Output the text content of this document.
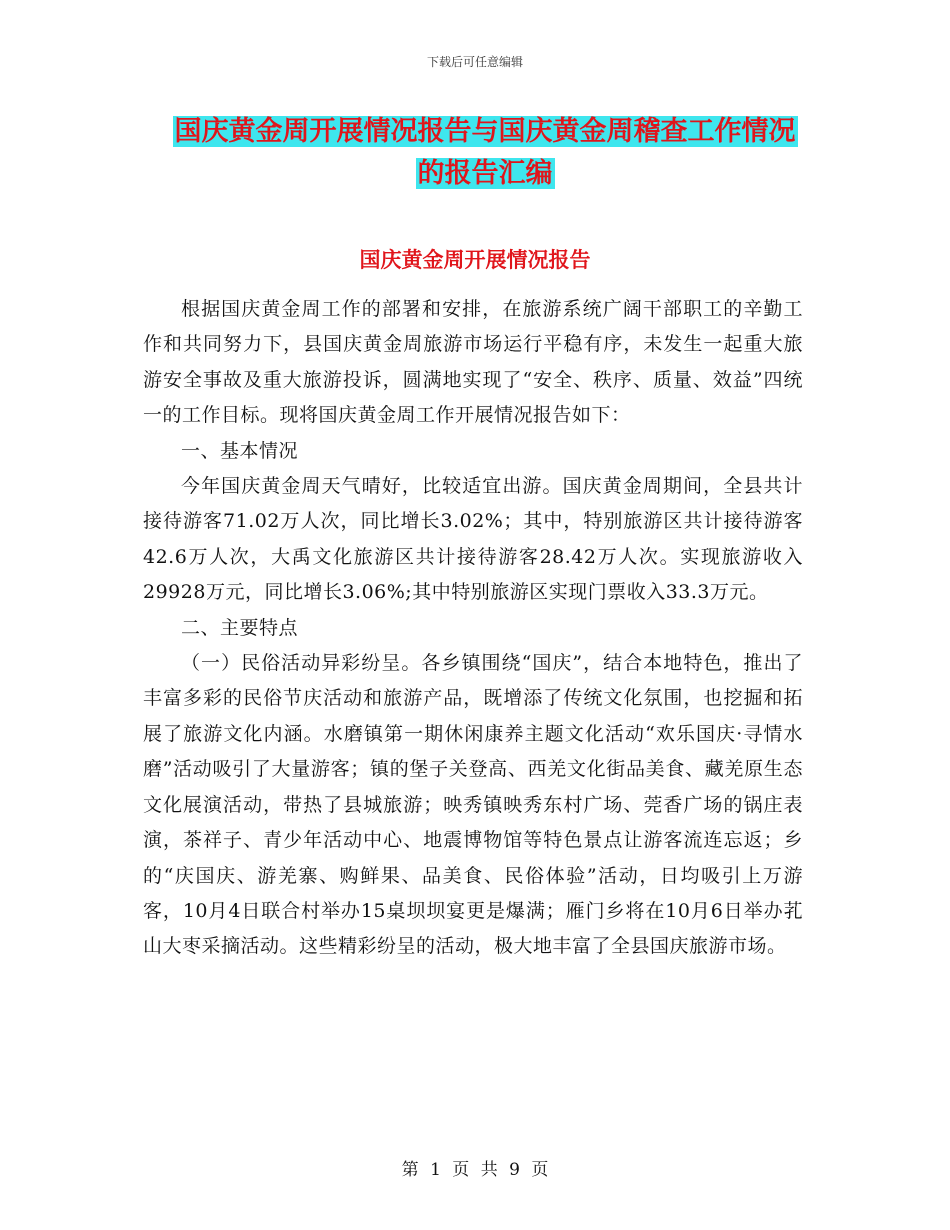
下载后可任意编辑
国庆黄金周开展情况报告与国庆黄金周稽查工作情况
的报告汇编
国庆黄金周开展情况报告

根据国庆黄金周工作的部署和安排，在旅游系统广阔干部职工的辛勤工作和共同努力下，县国庆黄金周旅游市场运行平稳有序，未发生一起重大旅游安全事故及重大旅游投诉，圆满地实现了“安全、秩序、质量、效益”四统一的工作目标。现将国庆黄金周工作开展情况报告如下：

一、基本情况

今年国庆黄金周天气晴好，比较适宜出游。国庆黄金周期间，全县共计接待游客71.02万人次，同比增长3.02%；其中，特别旅游区共计接待游客42.6万人次，大禹文化旅游区共计接待游客28.42万人次。实现旅游收入29928万元，同比增长3.06%;其中特别旅游区实现门票收入33.3万元。

二、主要特点

（一）民俗活动异彩纷呈。各乡镇围绕“国庆”，结合本地特色，推出了丰富多彩的民俗节庆活动和旅游产品，既增添了传统文化氛围，也挖掘和拓展了旅游文化内涵。水磨镇第一期休闲康养主题文化活动“欢乐国庆·寻情水磨”活动吸引了大量游客；镇的堡子关登高、西羌文化街品美食、藏羌原生态文化展演活动，带热了县城旅游；映秀镇映秀东村广场、莞香广场的锅庄表演，茶祥子、青少年活动中心、地震博物馆等特色景点让游客流连忘返；乡的“庆国庆、游羌寨、购鲜果、品美食、民俗体验”活动，日均吸引上万游客，10月4日联合村举办15桌坝坝宴更是爆满；雁门乡将在10月6日举办芤山大枣采摘活动。这些精彩纷呈的活动，极大地丰富了全县国庆旅游市场。

第 1 页 共 9 页
